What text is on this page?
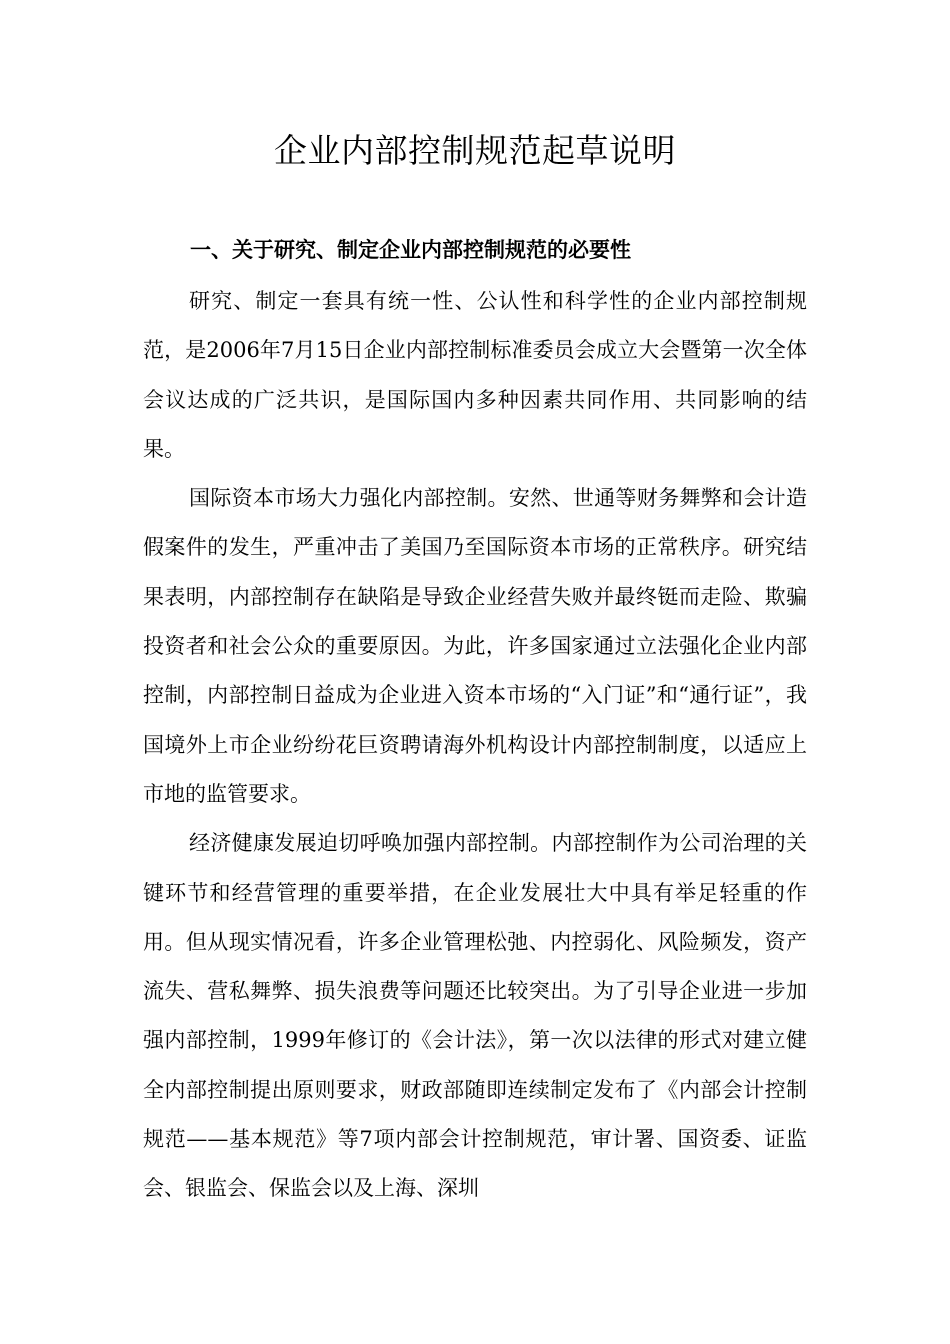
企业内部控制规范起草说明
一、关于研究、制定企业内部控制规范的必要性

研究、制定一套具有统一性、公认性和科学性的企业内部控制规范，是2006年7月15日企业内部控制标准委员会成立大会暨第一次全体会议达成的广泛共识，是国际国内多种因素共同作用、共同影响的结果。

国际资本市场大力强化内部控制。安然、世通等财务舞弊和会计造假案件的发生，严重冲击了美国乃至国际资本市场的正常秩序。研究结果表明，内部控制存在缺陷是导致企业经营失败并最终铤而走险、欺骗投资者和社会公众的重要原因。为此，许多国家通过立法强化企业内部控制，内部控制日益成为企业进入资本市场的“入门证”和“通行证”，我国境外上市企业纷纷花巨资聘请海外机构设计内部控制制度，以适应上市地的监管要求。

经济健康发展迫切呼唤加强内部控制。内部控制作为公司治理的关键环节和经营管理的重要举措，在企业发展壮大中具有举足轻重的作用。但从现实情况看，许多企业管理松弛、内控弱化、风险频发，资产流失、营私舞弊、损失浪费等问题还比较突出。为了引导企业进一步加强内部控制，1999年修订的《会计法》，第一次以法律的形式对建立健全内部控制提出原则要求，财政部随即连续制定发布了《内部会计控制规范——基本规范》等7项内部会计控制规范，审计署、国资委、证监会、银监会、保监会以及上海、深圳
